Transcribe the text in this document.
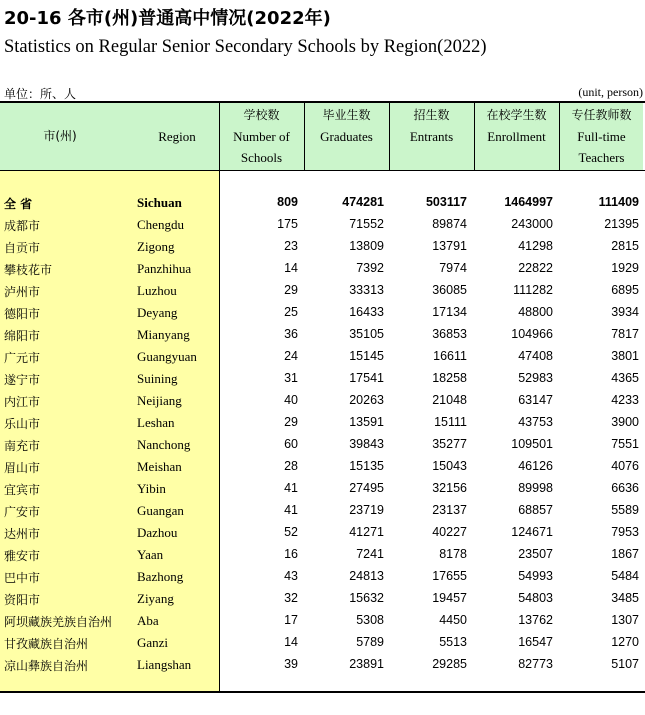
20-16 各市(州)普通高中情况(2022年)
Statistics on Regular Senior Secondary Schools by Region(2022)
单位：所、人	(unit, person)
市(州)	Region
学校数
Number of
Schools
毕业生数
Graduates
招生数
Entrants
在校学生数
Enrollment
专任教师数
Full-time
Teachers
全 省	Sichuan	809	474281	503117	1464997	111409
成都市	Chengdu	175	71552	89874	243000	21395
自贡市	Zigong	23	13809	13791	41298	2815
攀枝花市	Panzhihua	14	7392	7974	22822	1929
泸州市	Luzhou	29	33313	36085	111282	6895
德阳市	Deyang	25	16433	17134	48800	3934
绵阳市	Mianyang	36	35105	36853	104966	7817
广元市	Guangyuan	24	15145	16611	47408	3801
遂宁市	Suining	31	17541	18258	52983	4365
内江市	Neijiang	40	20263	21048	63147	4233
乐山市	Leshan	29	13591	15111	43753	3900
南充市	Nanchong	60	39843	35277	109501	7551
眉山市	Meishan	28	15135	15043	46126	4076
宜宾市	Yibin	41	27495	32156	89998	6636
广安市	Guangan	41	23719	23137	68857	5589
达州市	Dazhou	52	41271	40227	124671	7953
雅安市	Yaan	16	7241	8178	23507	1867
巴中市	Bazhong	43	24813	17655	54993	5484
资阳市	Ziyang	32	15632	19457	54803	3485
阿坝藏族羌族自治州 Aba	17	5308	4450	13762	1307
甘孜藏族自治州	Ganzi	14	5789	5513	16547	1270
凉山彝族自治州	Liangshan	39	23891	29285	82773	5107
